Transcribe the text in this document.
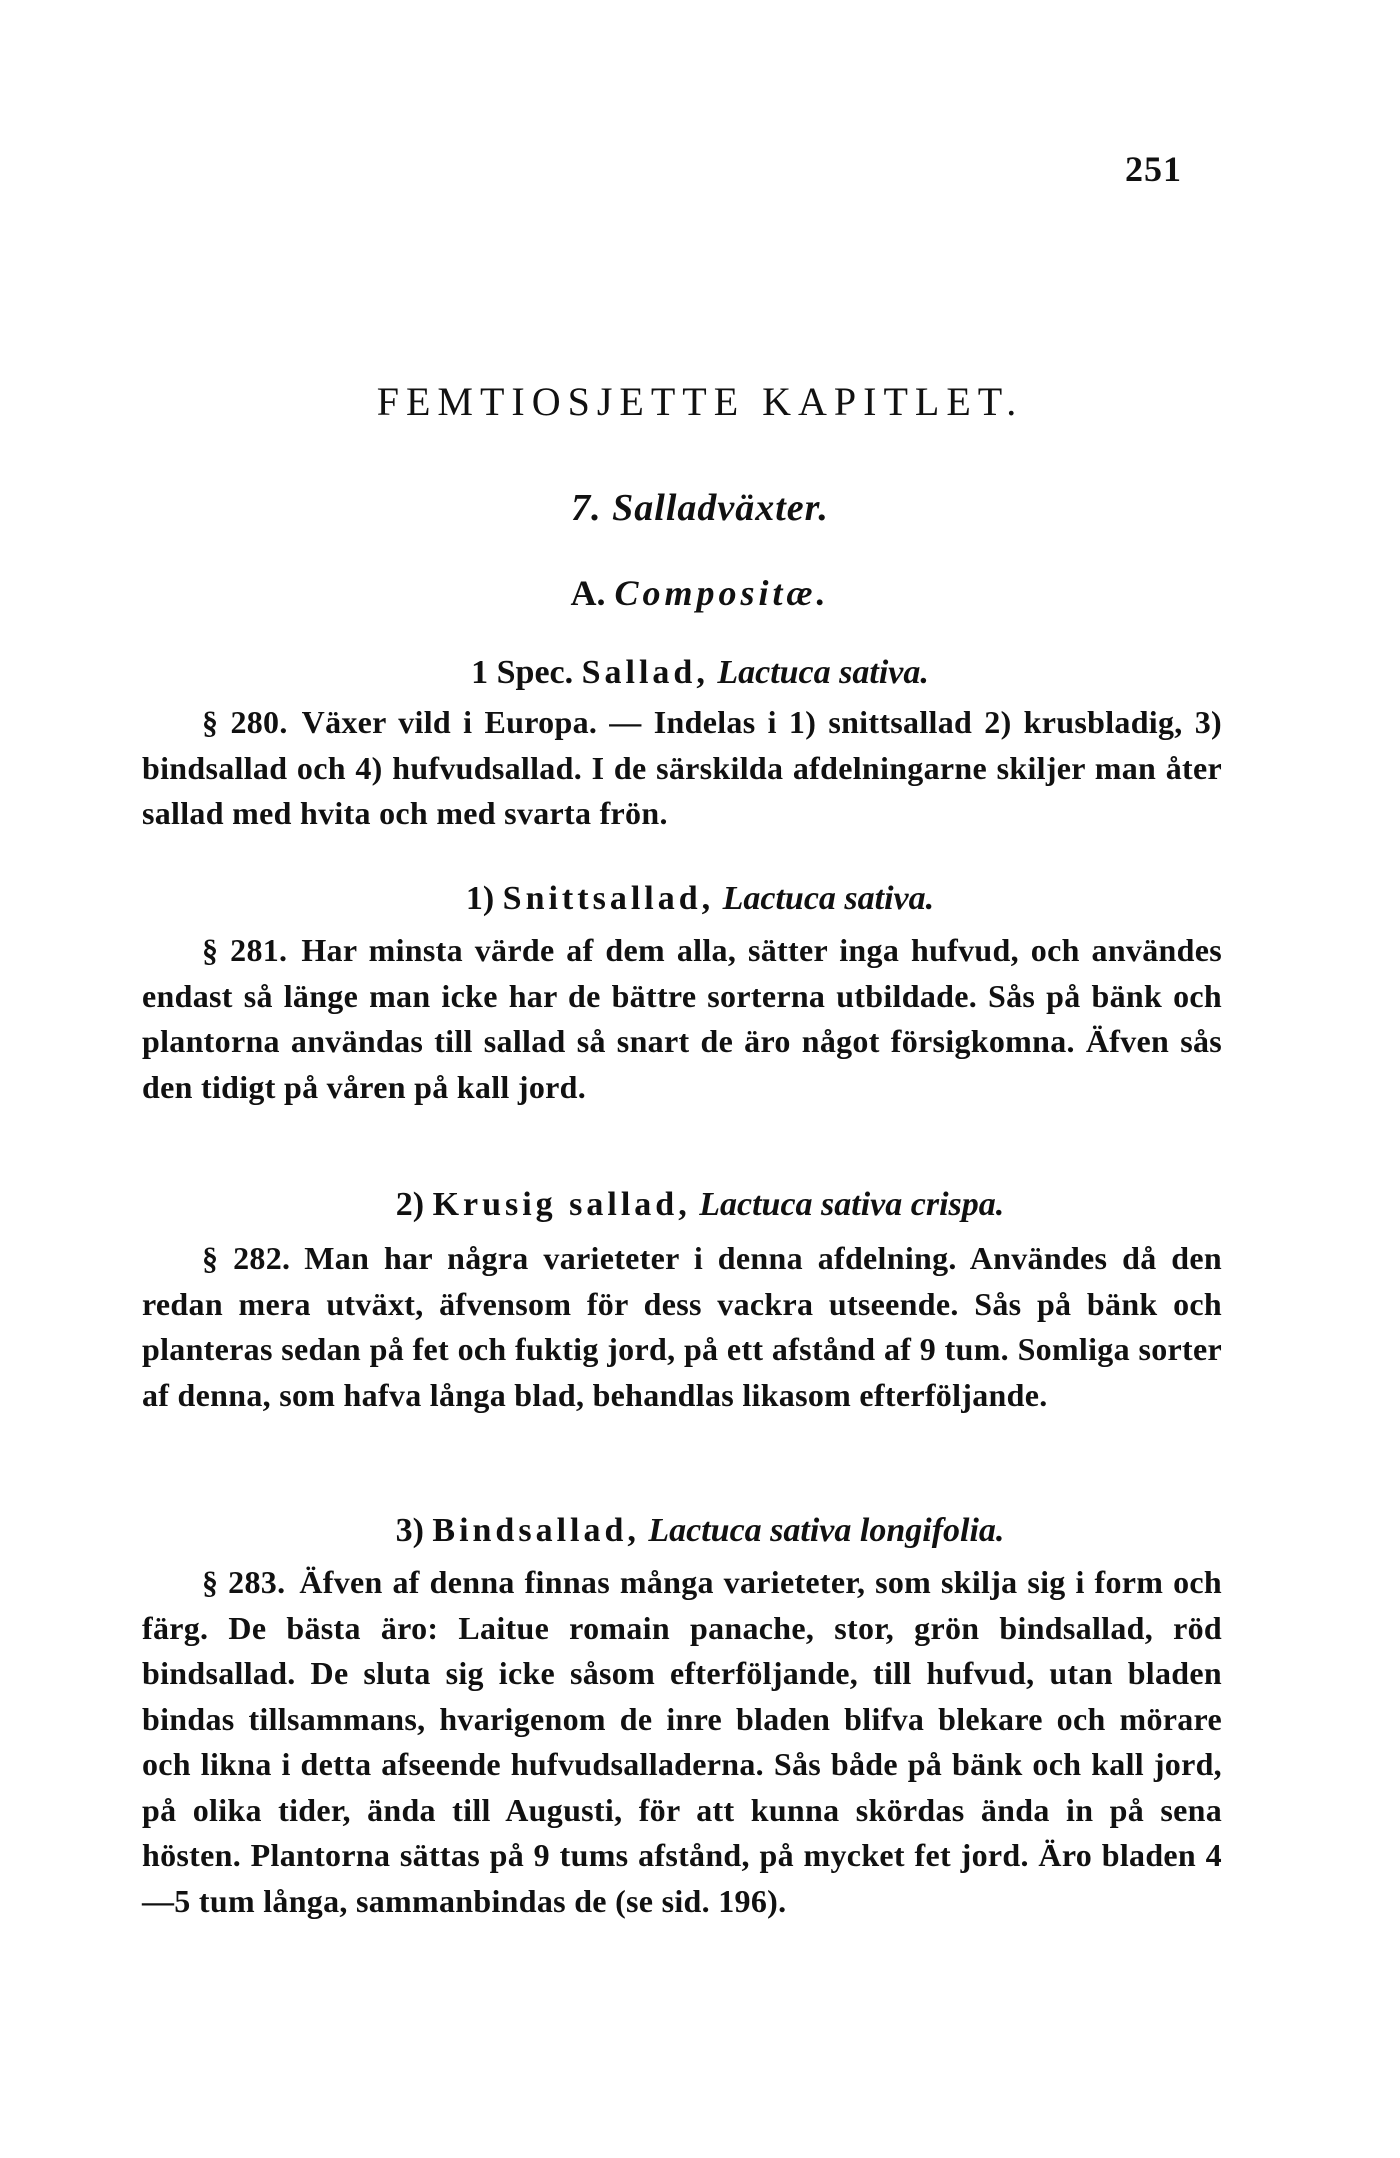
251
FEMTIOSJETTE KAPITLET.
7. Salladväxter.
A. Compositæ.
1 Spec. Sallad, Lactuca sativa.

§ 280. Växer vild i Europa. — Indelas i 1) snittsallad 2) krusbladig, 3) bindsallad och 4) hufvudsallad. I de särskilda afdelningarne skiljer man åter sallad med hvita och med svarta frön.

1) Snittsallad, Lactuca sativa.

§ 281. Har minsta värde af dem alla, sätter inga hufvud, och användes endast så länge man icke har de bättre sorterna utbildade. Sås på bänk och plantorna användas till sallad så snart de äro något försigkomna. Äfven sås den tidigt på våren på kall jord.

2) Krusig sallad, Lactuca sativa crispa.

§ 282. Man har några varieteter i denna afdelning. Användes då den redan mera utväxt, äfvensom för dess vackra utseende. Sås på bänk och planteras sedan på fet och fuktig jord, på ett afstånd af 9 tum. Somliga sorter af denna, som hafva långa blad, behandlas likasom efterföljande.

3) Bindsallad, Lactuca sativa longifolia.

§ 283. Äfven af denna finnas många varieteter, som skilja sig i form och färg. De bästa äro: Laitue romain panache, stor, grön bindsallad, röd bindsallad. De sluta sig icke såsom efterföljande, till hufvud, utan bladen bindas tillsammans, hvarigenom de inre bladen blifva blekare och mörare och likna i detta afseende hufvudsalladerna. Sås både på bänk och kall jord, på olika tider, ända till Augusti, för att kunna skördas ända in på sena hösten. Plantorna sättas på 9 tums afstånd, på mycket fet jord. Äro bladen 4—5 tum långa, sammanbindas de (se sid. 196).
